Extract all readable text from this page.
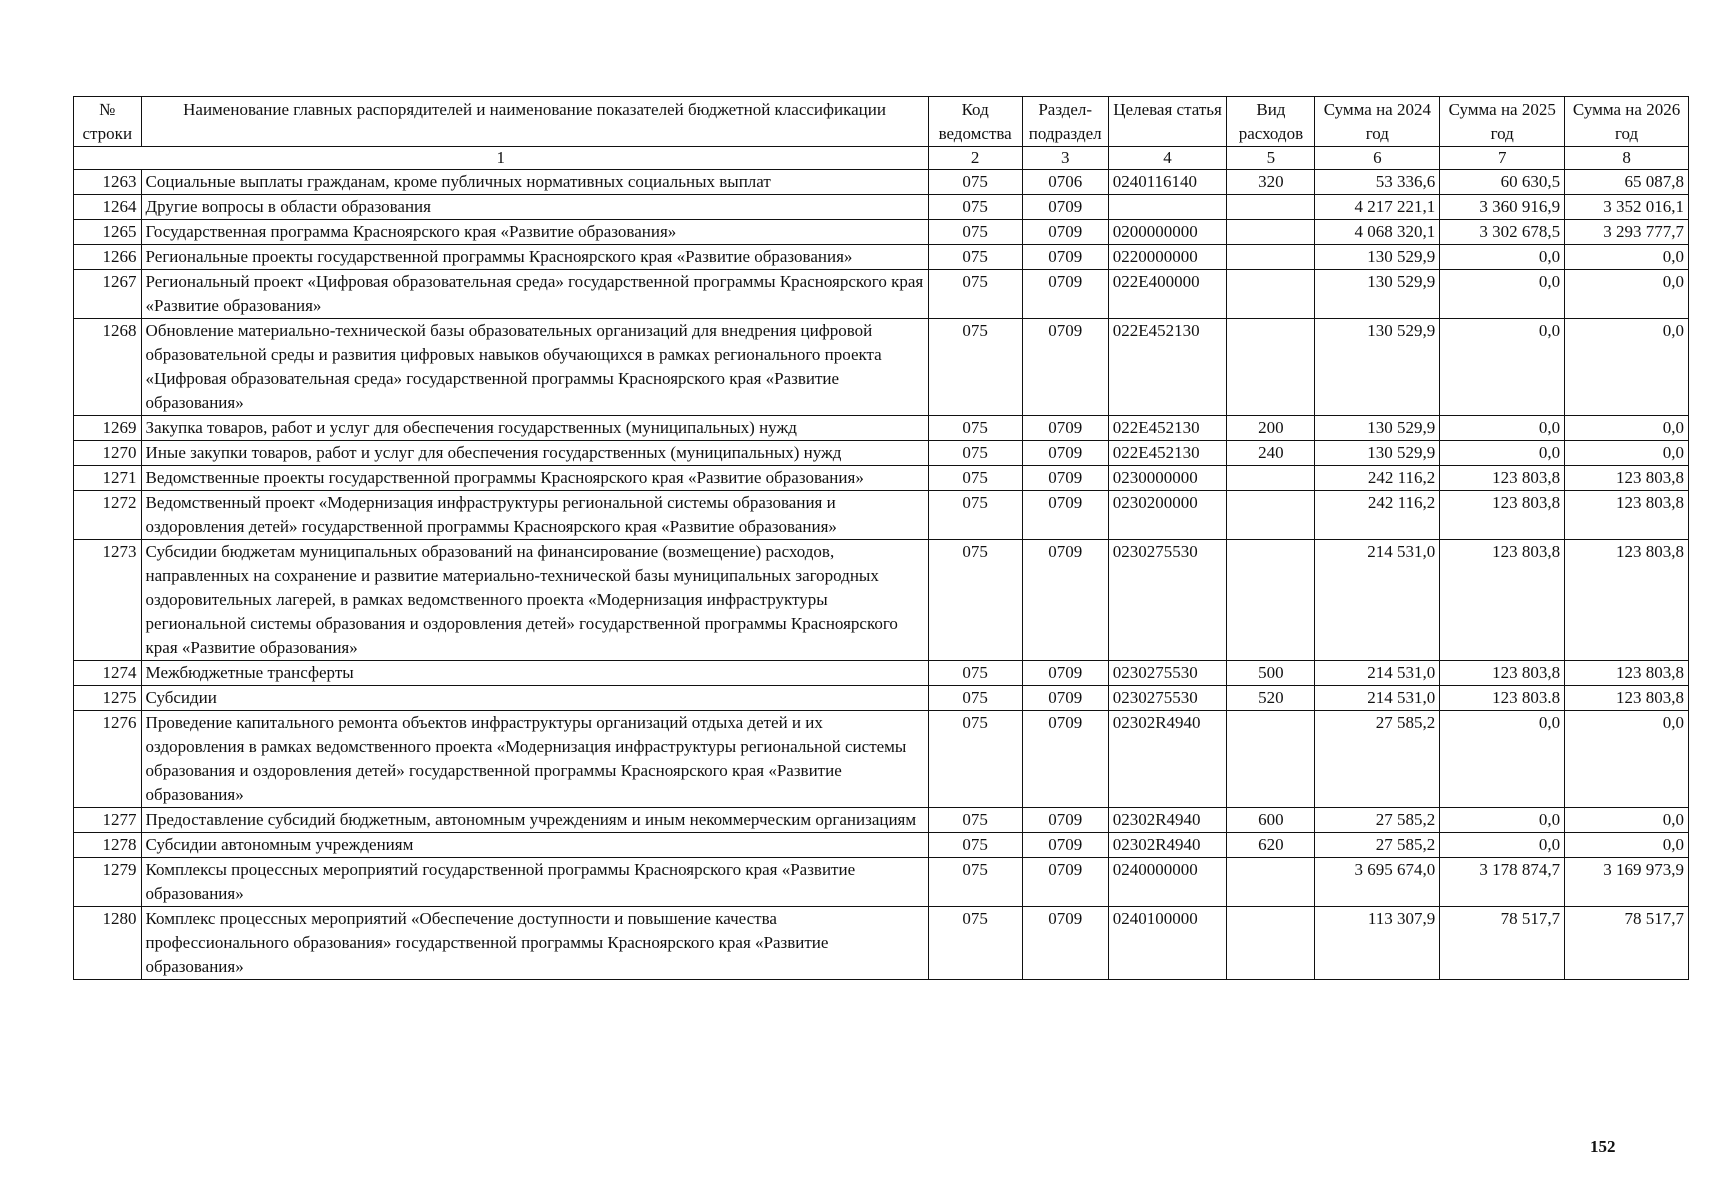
№ строки	Наименование главных распорядителей и наименование показателей бюджетной классификации	Код ведомства	Раздел-подраздел	Целевая статья	Вид расходов	Сумма на 2024 год	Сумма на 2025 год	Сумма на 2026 год
1		2	3	4	5	6	7	8
1263	Социальные выплаты гражданам, кроме публичных нормативных социальных выплат	075	0706	0240116140	320	53 336,6	60 630,5	65 087,8
1264	Другие вопросы в области образования	075	0709			4 217 221,1	3 360 916,9	3 352 016,1
1265	Государственная программа Красноярского края «Развитие образования»	075	0709	0200000000		4 068 320,1	3 302 678,5	3 293 777,7
1266	Региональные проекты государственной программы Красноярского края «Развитие образования»	075	0709	0220000000		130 529,9	0,0	0,0
1267	Региональный проект «Цифровая образовательная среда» государственной программы Красноярского края «Развитие образования»	075	0709	022E400000		130 529,9	0,0	0,0
1268	Обновление материально-технической базы образовательных организаций для внедрения цифровой образовательной среды и развития цифровых навыков обучающихся в рамках регионального проекта «Цифровая образовательная среда» государственной программы Красноярского края «Развитие образования»	075	0709	022E452130		130 529,9	0,0	0,0
1269	Закупка товаров, работ и услуг для обеспечения государственных (муниципальных) нужд	075	0709	022E452130	200	130 529,9	0,0	0,0
1270	Иные закупки товаров, работ и услуг для обеспечения государственных (муниципальных) нужд	075	0709	022E452130	240	130 529,9	0,0	0,0
1271	Ведомственные проекты государственной программы Красноярского края «Развитие образования»	075	0709	0230000000		242 116,2	123 803,8	123 803,8
1272	Ведомственный проект «Модернизация инфраструктуры региональной системы образования и оздоровления детей» государственной программы Красноярского края «Развитие образования»	075	0709	0230200000		242 116,2	123 803,8	123 803,8
1273	Субсидии бюджетам муниципальных образований на финансирование (возмещение) расходов, направленных на сохранение и развитие материально-технической базы муниципальных загородных оздоровительных лагерей, в рамках ведомственного проекта «Модернизация инфраструктуры региональной системы образования и оздоровления детей» государственной программы Красноярского края «Развитие образования»	075	0709	0230275530		214 531,0	123 803,8	123 803,8
1274	Межбюджетные трансферты	075	0709	0230275530	500	214 531,0	123 803,8	123 803,8
1275	Субсидии	075	0709	0230275530	520	214 531,0	123 803.8	123 803,8
1276	Проведение капитального ремонта объектов инфраструктуры организаций отдыха детей и их оздоровления в рамках ведомственного проекта «Модернизация инфраструктуры региональной системы образования и оздоровления детей» государственной программы Красноярского края «Развитие образования»	075	0709	02302R4940		27 585,2	0,0	0,0
1277	Предоставление субсидий бюджетным, автономным учреждениям и иным некоммерческим организациям	075	0709	02302R4940	600	27 585,2	0,0	0,0
1278	Субсидии автономным учреждениям	075	0709	02302R4940	620	27 585,2	0,0	0,0
1279	Комплексы процессных мероприятий государственной программы Красноярского края «Развитие образования»	075	0709	0240000000		3 695 674,0	3 178 874,7	3 169 973,9
1280	Комплекс процессных мероприятий «Обеспечение доступности и повышение качества профессионального образования» государственной программы Красноярского края «Развитие образования»	075	0709	0240100000		113 307,9	78 517,7	78 517,7
152
